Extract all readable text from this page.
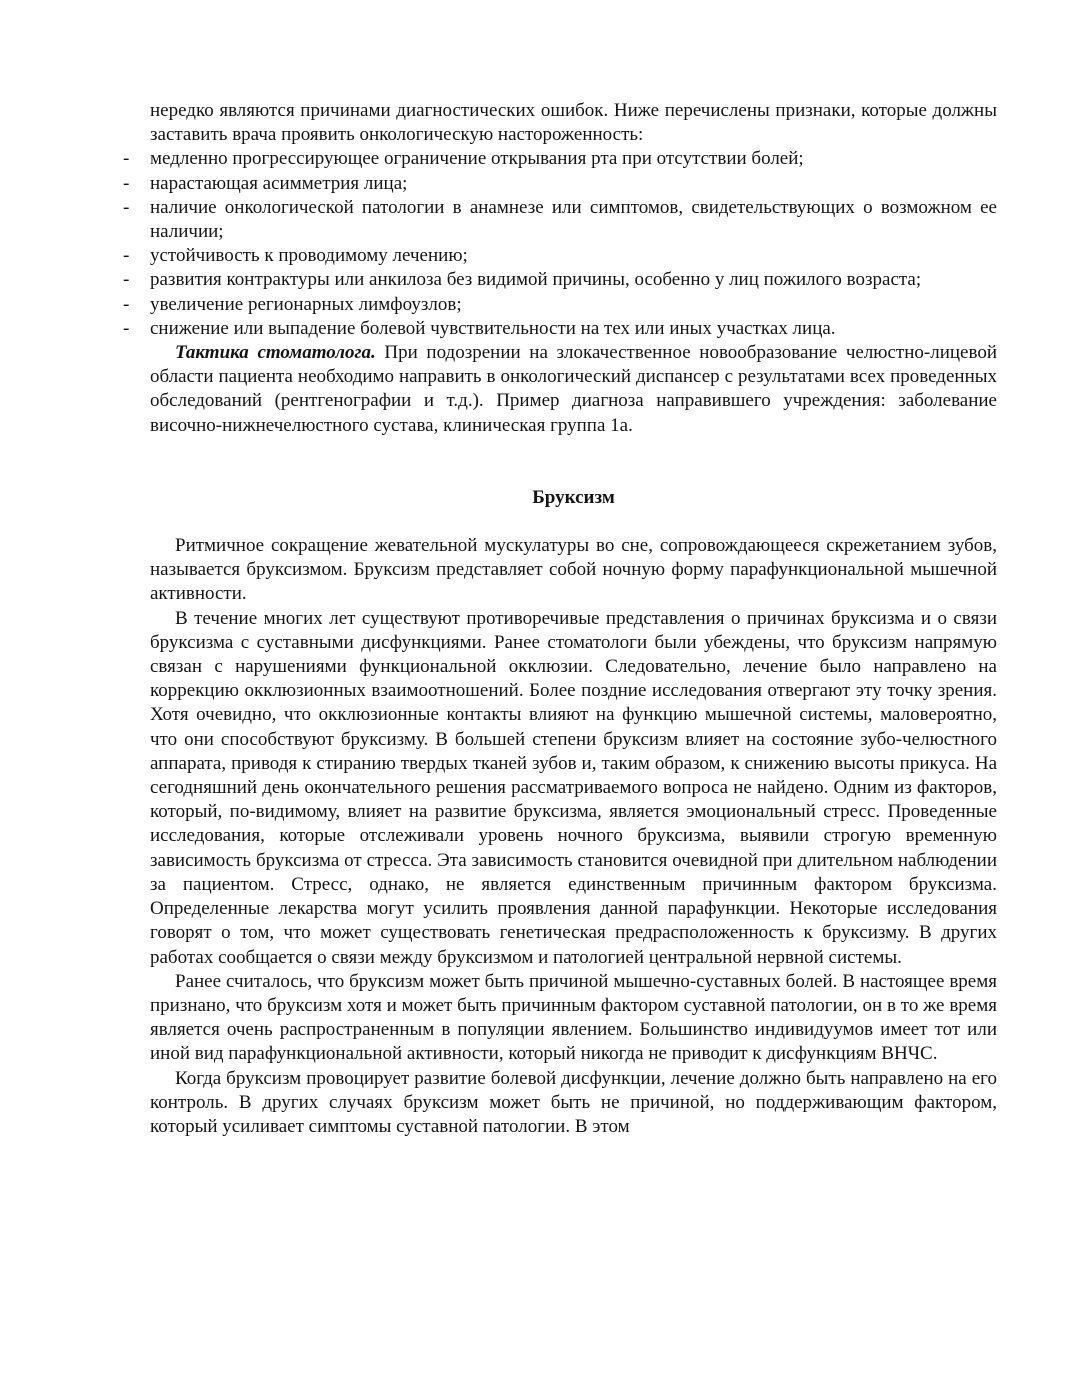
нередко являются причинами диагностических ошибок. Ниже перечислены признаки, которые должны заставить врача проявить онкологическую настороженность:

- медленно прогрессирующее ограничение открывания рта при отсутствии болей;
- нарастающая асимметрия лица;
- наличие онкологической патологии в анамнезе или симптомов, свидетельствующих о возможном ее наличии;
- устойчивость к проводимому лечению;
- развития контрактуры или анкилоза без видимой причины, особенно у лиц пожилого возраста;
- увеличение регионарных лимфоузлов;
- снижение или выпадение болевой чувствительности на тех или иных участках лица.

Тактика стоматолога. При подозрении на злокачественное новообразование челюстно-лицевой области пациента необходимо направить в онкологический диспансер с результатами всех проведенных обследований (рентгенографии и т.д.). Пример диагноза направившего учреждения: заболевание височно-нижнечелюстного сустава, клиническая группа 1а.

Бруксизм

Ритмичное сокращение жевательной мускулатуры во сне, сопровождающееся скрежетанием зубов, называется бруксизмом. Бруксизм представляет собой ночную форму парафункциональной мышечной активности.

В течение многих лет существуют противоречивые представления о причинах бруксизма и о связи бруксизма с суставными дисфункциями. Ранее стоматологи были убеждены, что бруксизм напрямую связан с нарушениями функциональной окклюзии. Следовательно, лечение было направлено на коррекцию окклюзионных взаимоотношений. Более поздние исследования отвергают эту точку зрения. Хотя очевидно, что окклюзионные контакты влияют на функцию мышечной системы, маловероятно, что они способствуют бруксизму. В большей степени бруксизм влияет на состояние зубо-челюстного аппарата, приводя к стиранию твердых тканей зубов и, таким образом, к снижению высоты прикуса. На сегодняшний день окончательного решения рассматриваемого вопроса не найдено. Одним из факторов, который, по-видимому, влияет на развитие бруксизма, является эмоциональный стресс. Проведенные исследования, которые отслеживали уровень ночного бруксизма, выявили строгую временную зависимость бруксизма от стресса. Эта зависимость становится очевидной при длительном наблюдении за пациентом. Стресс, однако, не является единственным причинным фактором бруксизма. Определенные лекарства могут усилить проявления данной парафункции. Некоторые исследования говорят о том, что может существовать генетическая предрасположенность к бруксизму. В других работах сообщается о связи между бруксизмом и патологией центральной нервной системы.

Ранее считалось, что бруксизм может быть причиной мышечно-суставных болей. В настоящее время признано, что бруксизм хотя и может быть причинным фактором суставной патологии, он в то же время является очень распространенным в популяции явлением. Большинство индивидуумов имеет тот или иной вид парафункциональной активности, который никогда не приводит к дисфункциям ВНЧС.

Когда бруксизм провоцирует развитие болевой дисфункции, лечение должно быть направлено на его контроль. В других случаях бруксизм может быть не причиной, но поддерживающим фактором, который усиливает симптомы суставной патологии. В этом
